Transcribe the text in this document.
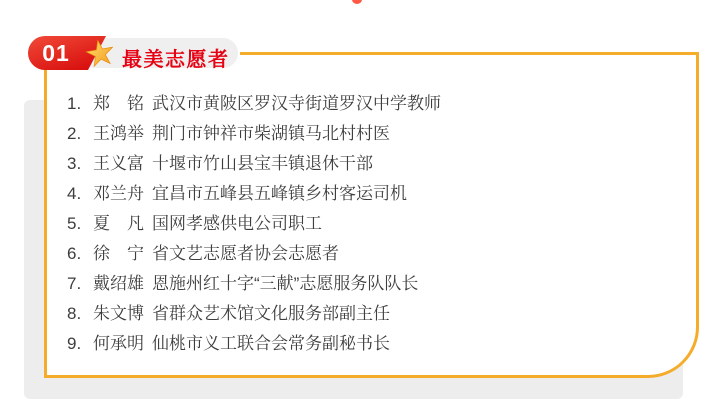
01	最美志愿者
1. 郑　铭 武汉市黄陂区罗汉寺街道罗汉中学教师
2. 王鸿举 荆门市钟祥市柴湖镇马北村村医
3. 王义富 十堰市竹山县宝丰镇退休干部
4. 邓兰舟 宜昌市五峰县五峰镇乡村客运司机
5. 夏　凡 国网孝感供电公司职工
6. 徐　宁 省文艺志愿者协会志愿者
7. 戴绍雄 恩施州红十字“三献”志愿服务队队长
8. 朱文博 省群众艺术馆文化服务部副主任
9. 何承明 仙桃市义工联合会常务副秘书长
